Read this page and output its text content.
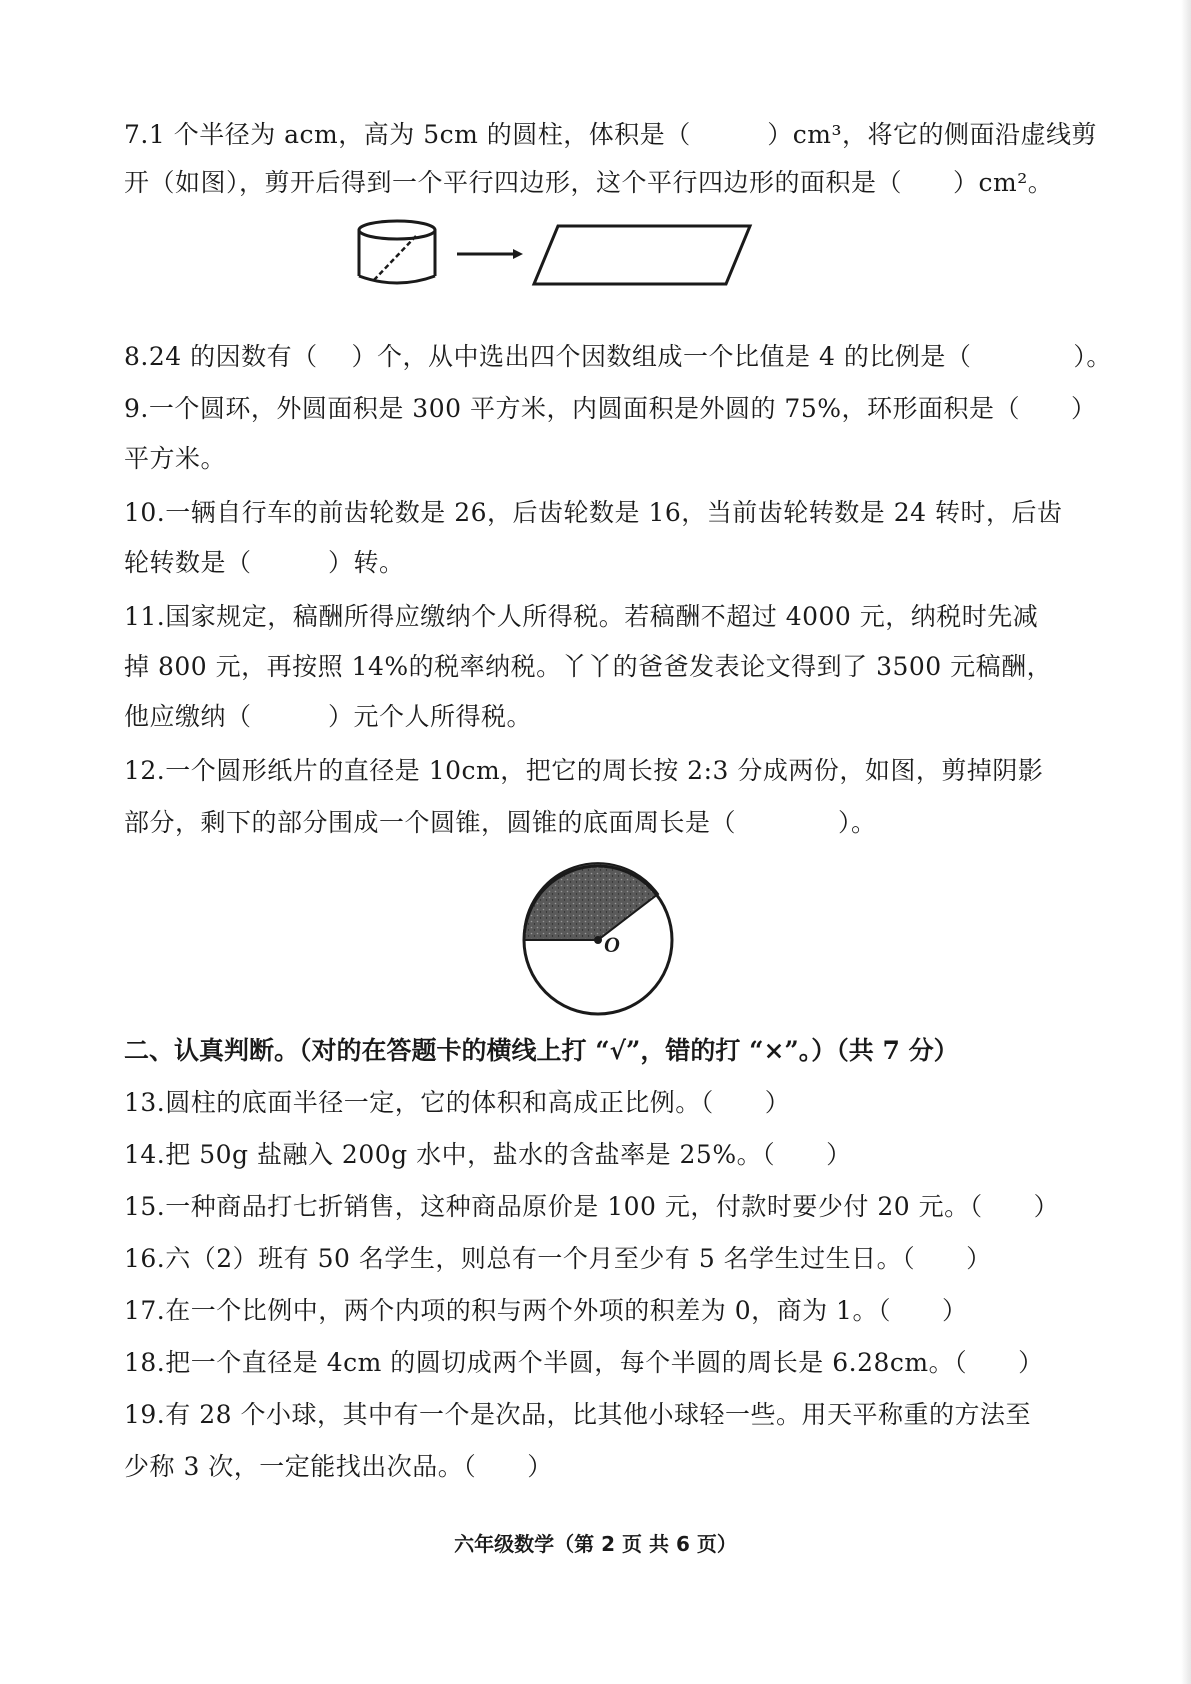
7.1 个半径为 acm，高为 5cm 的圆柱，体积是（　　　）cm³，将它的侧面沿虚线剪
开（如图），剪开后得到一个平行四边形，这个平行四边形的面积是（　　）cm²。
8.24 的因数有（　 ）个，从中选出四个因数组成一个比值是 4 的比例是（　　　　）。
9.一个圆环，外圆面积是 300 平方米，内圆面积是外圆的 75%，环形面积是（　　）
平方米。
10.一辆自行车的前齿轮数是 26，后齿轮数是 16，当前齿轮转数是 24 转时，后齿
轮转数是（　　　）转。
11.国家规定，稿酬所得应缴纳个人所得税。若稿酬不超过 4000 元，纳税时先减
掉 800 元，再按照 14%的税率纳税。丫丫的爸爸发表论文得到了 3500 元稿酬，
他应缴纳（　　　）元个人所得税。
12.一个圆形纸片的直径是 10cm，把它的周长按 2:3 分成两份，如图，剪掉阴影
部分，剩下的部分围成一个圆锥，圆锥的底面周长是（　　　　）。
O
二、认真判断。（对的在答题卡的横线上打 “√”，错的打 “×”。）（共 7 分）
13.圆柱的底面半径一定，它的体积和高成正比例。（　　）
14.把 50g 盐融入 200g 水中，盐水的含盐率是 25%。（　　）
15.一种商品打七折销售，这种商品原价是 100 元，付款时要少付 20 元。（　　）
16.六（2）班有 50 名学生，则总有一个月至少有 5 名学生过生日。（　　）
17.在一个比例中，两个内项的积与两个外项的积差为 0，商为 1。（　　）
18.把一个直径是 4cm 的圆切成两个半圆，每个半圆的周长是 6.28cm。（　　）
19.有 28 个小球，其中有一个是次品，比其他小球轻一些。用天平称重的方法至
少称 3 次，一定能找出次品。（　　）
六年级数学（第 2 页 共 6 页）
